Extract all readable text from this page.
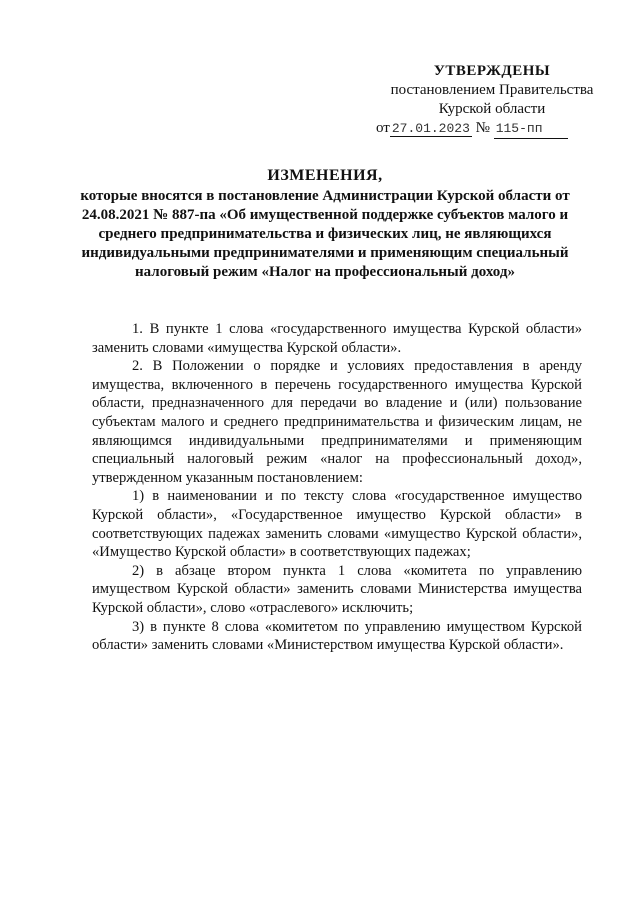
УТВЕРЖДЕНЫ
постановлением Правительства
Курской области
от 27.01.2023 № 115-пп
ИЗМЕНЕНИЯ,
которые вносятся в постановление Администрации Курской области от 24.08.2021 № 887-па «Об имущественной поддержке субъектов малого и среднего предпринимательства и физических лиц, не являющихся индивидуальными предпринимателями и применяющим специальный налоговый режим «Налог на профессиональный доход»

1. В пункте 1 слова «государственного имущества Курской области» заменить словами «имущества Курской области».

2. В Положении о порядке и условиях предоставления в аренду имущества, включенного в перечень государственного имущества Курской области, предназначенного для передачи во владение и (или) пользование субъектам малого и среднего предпринимательства и физическим лицам, не являющимся индивидуальными предпринимателями и применяющим специальный налоговый режим «налог на профессиональный доход», утвержденном указанным постановлением:

1) в наименовании и по тексту слова «государственное имущество Курской области», «Государственное имущество Курской области» в соответствующих падежах заменить словами «имущество Курской области», «Имущество Курской области» в соответствующих падежах;

2) в абзаце втором пункта 1 слова «комитета по управлению имуществом Курской области» заменить словами Министерства имущества Курской области», слово «отраслевого» исключить;

3) в пункте 8 слова «комитетом по управлению имуществом Курской области» заменить словами «Министерством имущества Курской области».
